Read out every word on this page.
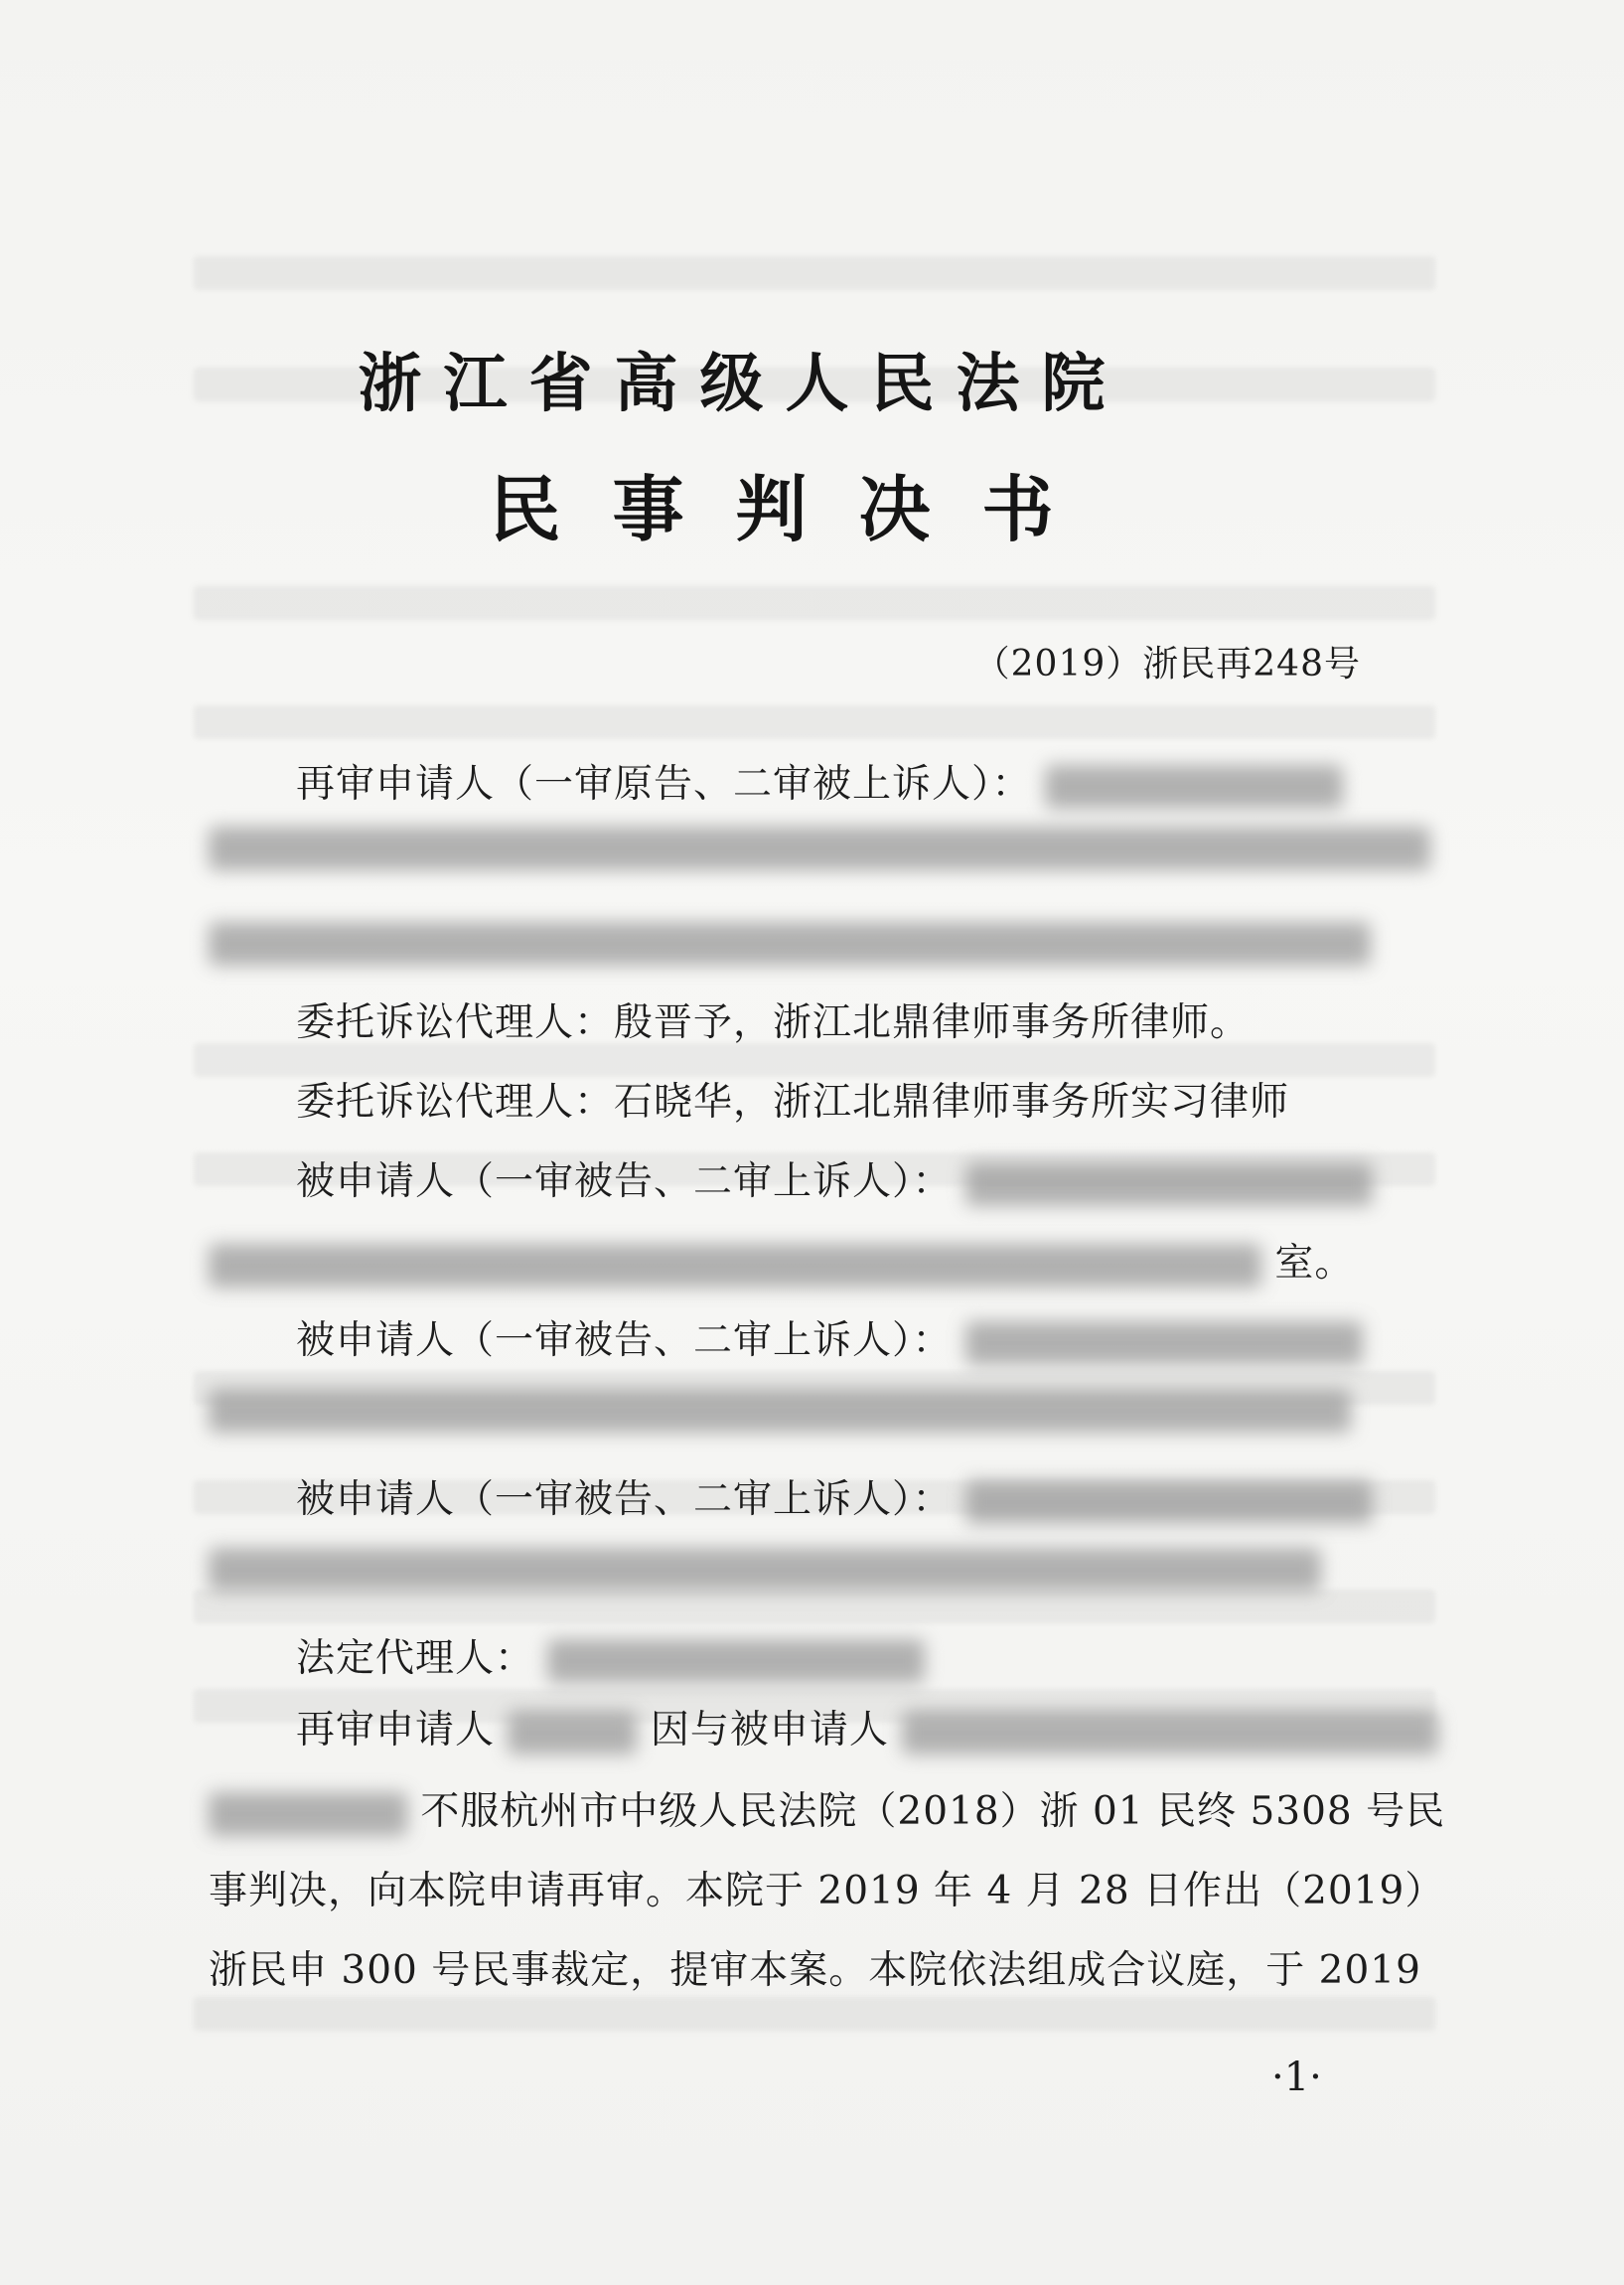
浙江省高级人民法院
民事判决书
（2019）浙民再248号
再审申请人（一审原告、二审被上诉人）：
委托诉讼代理人：殷晋予，浙江北鼎律师事务所律师。
委托诉讼代理人：石晓华，浙江北鼎律师事务所实习律师
被申请人（一审被告、二审上诉人）：
室。
被申请人（一审被告、二审上诉人）：
被申请人（一审被告、二审上诉人）：
法定代理人：
再审申请人	因与被申请人
不服杭州市中级人民法院（2018）浙 01 民终 5308 号民
事判决，向本院申请再审。本院于 2019 年 4 月 28 日作出（2019）
浙民申 300 号民事裁定，提审本案。本院依法组成合议庭，于 2019
·1·
